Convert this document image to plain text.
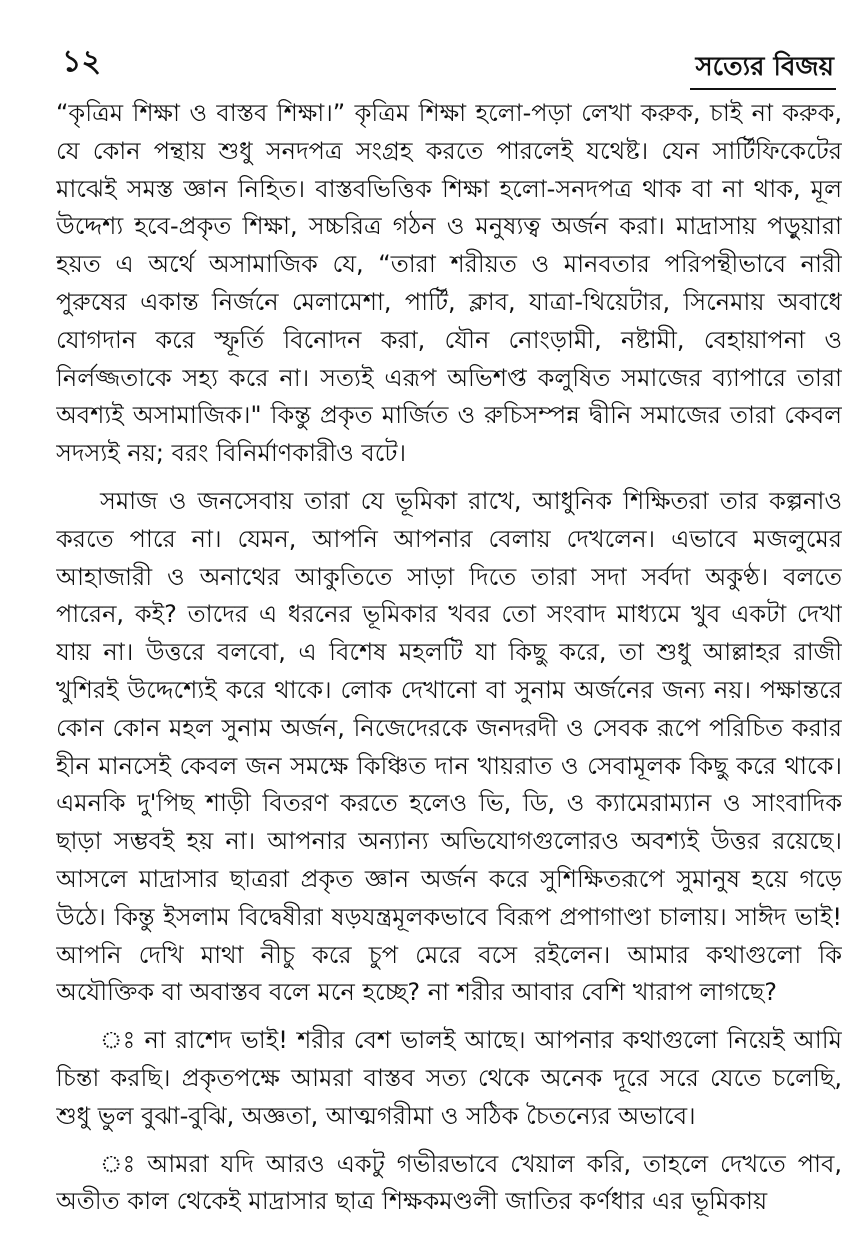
১২	সত্যের বিজয়

“কৃত্রিম শিক্ষা ও বাস্তব শিক্ষা।” কৃত্রিম শিক্ষা হলো-পড়া লেখা করুক, চাই না করুক, যে কোন পন্থায় শুধু সনদপত্র সংগ্রহ করতে পারলেই যথেষ্ট। যেন সার্টিফিকেটের মাঝেই সমস্ত জ্ঞান নিহিত। বাস্তবভিত্তিক শিক্ষা হলো-সনদপত্র থাক বা না থাক, মূল উদ্দেশ্য হবে-প্রকৃত শিক্ষা, সচ্চরিত্র গঠন ও মনুষ্যত্ব অর্জন করা। মাদ্রাসায় পড়ুয়ারা হয়ত এ অর্থে অসামাজিক যে, “তারা শরীয়ত ও মানবতার পরিপন্থীভাবে নারী পুরুষের একান্ত নির্জনে মেলামেশা, পার্টি, ক্লাব, যাত্রা-থিয়েটার, সিনেমায় অবাধে যোগদান করে স্ফূর্তি বিনোদন করা, যৌন নোংড়ামী, নষ্টামী, বেহায়াপনা ও নির্লজ্জতাকে সহ্য করে না। সত্যই এরূপ অভিশপ্ত কলুষিত সমাজের ব্যাপারে তারা অবশ্যই অসামাজিক।" কিন্তু প্রকৃত মার্জিত ও রুচিসম্পন্ন দ্বীনি সমাজের তারা কেবল সদস্যই নয়; বরং বিনির্মাণকারীও বটে।

সমাজ ও জনসেবায় তারা যে ভূমিকা রাখে, আধুনিক শিক্ষিতরা তার কল্পনাও করতে পারে না। যেমন, আপনি আপনার বেলায় দেখলেন। এভাবে মজলুমের আহাজারী ও অনাথের আকুতিতে সাড়া দিতে তারা সদা সর্বদা অকুণ্ঠ। বলতে পারেন, কই? তাদের এ ধরনের ভূমিকার খবর তো সংবাদ মাধ্যমে খুব একটা দেখা যায় না। উত্তরে বলবো, এ বিশেষ মহলটি যা কিছু করে, তা শুধু আল্লাহর রাজী খুশিরই উদ্দেশ্যেই করে থাকে। লোক দেখানো বা সুনাম অর্জনের জন্য নয়। পক্ষান্তরে কোন কোন মহল সুনাম অর্জন, নিজেদেরকে জনদরদী ও সেবক রূপে পরিচিত করার হীন মানসেই কেবল জন সমক্ষে কিঞ্চিত দান খায়রাত ও সেবামূলক কিছু করে থাকে। এমনকি দু'পিছ শাড়ী বিতরণ করতে হলেও ভি, ডি, ও ক্যামেরাম্যান ও সাংবাদিক ছাড়া সম্ভবই হয় না। আপনার অন্যান্য অভিযোগগুলোরও অবশ্যই উত্তর রয়েছে। আসলে মাদ্রাসার ছাত্ররা প্রকৃত জ্ঞান অর্জন করে সুশিক্ষিতরূপে সুমানুষ হয়ে গড়ে উঠে। কিন্তু ইসলাম বিদ্বেষীরা ষড়যন্ত্রমূলকভাবে বিরূপ প্রপাগাণ্ডা চালায়। সাঈদ ভাই! আপনি দেখি মাথা নীচু করে চুপ মেরে বসে রইলেন। আমার কথাগুলো কি অযৌক্তিক বা অবাস্তব বলে মনে হচ্ছে? না শরীর আবার বেশি খারাপ লাগছে?

ঃ না রাশেদ ভাই! শরীর বেশ ভালই আছে। আপনার কথাগুলো নিয়েই আমি চিন্তা করছি। প্রকৃতপক্ষে আমরা বাস্তব সত্য থেকে অনেক দূরে সরে যেতে চলেছি, শুধু ভুল বুঝা-বুঝি, অজ্ঞতা, আত্মগরীমা ও সঠিক চৈতন্যের অভাবে।

ঃ আমরা যদি আরও একটু গভীরভাবে খেয়াল করি, তাহলে দেখতে পাব, অতীত কাল থেকেই মাদ্রাসার ছাত্র শিক্ষকমণ্ডলী জাতির কর্ণধার এর ভূমিকায়
